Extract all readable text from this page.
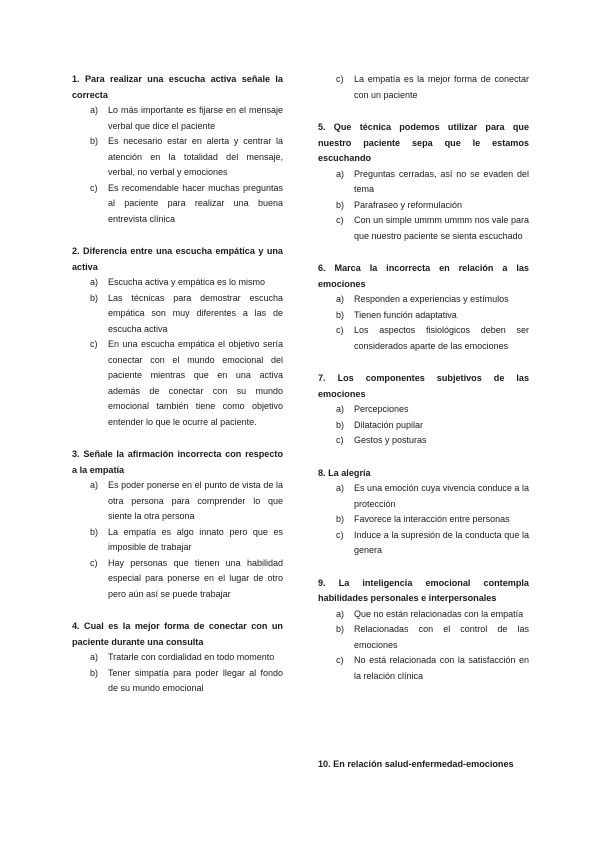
1. Para realizar una escucha activa señale la correcta

a)	Lo más importante es fijarse en el mensaje verbal que dice el paciente
b)	Es necesario estar en alerta y centrar la atención en la totalidad del mensaje, verbal, no verbal y emociones
c)	Es recomendable hacer muchas preguntas al paciente para realizar una buena entrevista clínica

2. Diferencia entre una escucha empática y una activa

a)	Escucha activa y empática es lo mismo
b)	Las técnicas para demostrar escucha empática son muy diferentes a las de escucha activa
c)	En una escucha empática el objetivo sería conectar con el mundo emocional del paciente mientras que en una activa además de conectar con su mundo emocional también tiene como objetivo entender lo que le ocurre al paciente.

3. Señale la afirmación incorrecta con respecto a la empatía

a)	Es poder ponerse en el punto de vista de la otra persona para comprender lo que siente la otra persona
b)	La empatía es algo innato pero que es imposible de trabajar
c)	Hay personas que tienen una habilidad especial para ponerse en el lugar de otro pero aún así se puede trabajar

4. Cual es la mejor forma de conectar con un paciente durante una consulta

a)	Tratarle con cordialidad en todo momento
b)	Tener simpatía para poder llegar al fondo de su mundo emocional
c)	La empatía es la mejor forma de conectar con un paciente

5. Que técnica podemos utilizar para que nuestro paciente sepa que le estamos escuchando

a)	Preguntas cerradas, así no se evaden del tema
b)	Parafraseo y reformulación
c)	Con un simple ummm ummm nos vale para que nuestro paciente se sienta escuchado

6. Marca la incorrecta en relación a las emociones

a)	Responden a experiencias y estímulos
b)	Tienen función adaptativa
c)	Los aspectos fisiológicos deben ser considerados aparte de las emociones

7. Los componentes subjetivos de las emociones

a)	Percepciones
b)	Dilatación pupilar
c)	Gestos y posturas

8. La alegría

a)	Es una emoción cuya vivencia conduce a la protección
b)	Favorece la interacción entre personas
c)	Induce a la supresión de la conducta que la genera

9. La inteligencia emocional contempla habilidades personales e interpersonales

a)	Que no están relacionadas con la empatía
b)	Relacionadas con el control de las emociones
c)	No está relacionada con la satisfacción en la relación clínica

10. En relación salud-enfermedad-emociones
